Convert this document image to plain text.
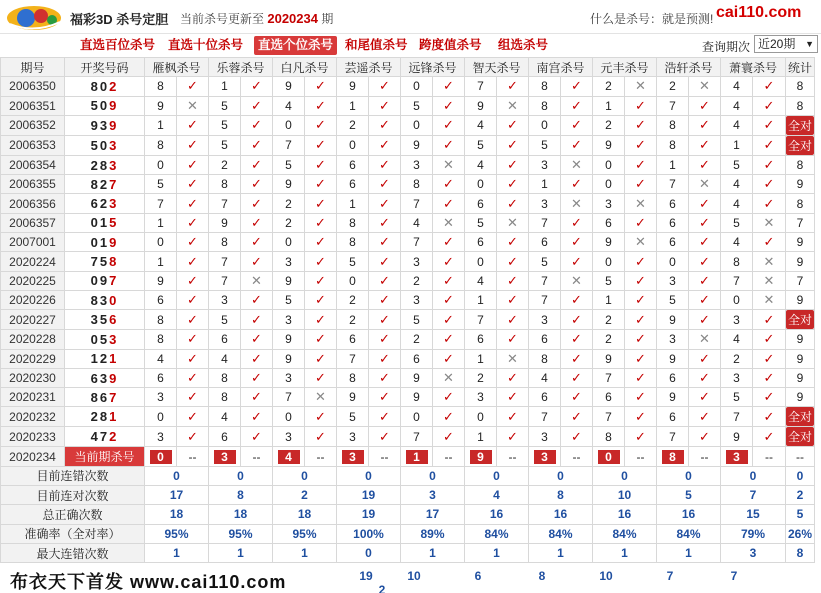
福彩3D 杀号定胆 当前杀号更新至 2020234 期	什么是杀号：就是预测! cai110.com
直选百位杀号	直选十位杀号	直选个位杀号 和尾值杀号 跨度值杀号	组选杀号	查询期次 近20期 ▼
期号	开奖号码	雁枫杀号		乐蓉杀号		白凡杀号		芸遥杀号		远锋杀号		智天杀号		南宫杀号		元丰杀号		浩轩杀号		萧寰杀号		统计
2006350	802	8	✓	1	✓	9	✓	9	✓	0	✓	7	✓	8	✓	2	✕	2	✕	4	✓	8
2006351	509	9	✕	5	✓	4	✓	1	✓	5	✓	9	✕	8	✓	1	✓	7	✓	4	✓	8
2006352	939	1	✓	5	✓	0	✓	2	✓	0	✓	4	✓	0	✓	2	✓	8	✓	4	✓	全对
2006353	503	8	✓	5	✓	7	✓	0	✓	9	✓	5	✓	5	✓	9	✓	8	✓	1	✓	全对
2006354	283	0	✓	2	✓	5	✓	6	✓	3	✕	4	✓	3	✕	0	✓	1	✓	5	✓	8
2006355	827	5	✓	8	✓	9	✓	6	✓	8	✓	0	✓	1	✓	0	✓	7	✕	4	✓	9
2006356	623	7	✓	7	✓	2	✓	1	✓	7	✓	6	✓	3	✕	3	✕	6	✓	4	✓	8
2006357	015	1	✓	9	✓	2	✓	8	✓	4	✕	5	✕	7	✓	6	✓	6	✓	5	✕	7
2007001	019	0	✓	8	✓	0	✓	8	✓	7	✓	6	✓	6	✓	9	✕	6	✓	4	✓	9
2020224	758	1	✓	7	✓	3	✓	5	✓	3	✓	0	✓	5	✓	0	✓	0	✓	8	✕	9
2020225	097	9	✓	7	✕	9	✓	0	✓	2	✓	4	✓	7	✕	5	✓	3	✓	7	✕	7
2020226	830	6	✓	3	✓	5	✓	2	✓	3	✓	1	✓	7	✓	1	✓	5	✓	0	✕	9
2020227	356	8	✓	5	✓	3	✓	2	✓	5	✓	7	✓	3	✓	2	✓	9	✓	3	✓	全对
2020228	053	8	✓	6	✓	9	✓	6	✓	2	✓	6	✓	6	✓	2	✓	3	✕	4	✓	9
2020229	121	4	✓	4	✓	9	✓	7	✓	6	✓	1	✕	8	✓	9	✓	9	✓	2	✓	9
2020230	639	6	✓	8	✓	3	✓	8	✓	9	✕	2	✓	4	✓	7	✓	6	✓	3	✓	9
2020231	867	3	✓	8	✓	7	✕	9	✓	9	✓	3	✓	6	✓	6	✓	9	✓	5	✓	9
2020232	281	0	✓	4	✓	0	✓	5	✓	0	✓	0	✓	7	✓	7	✓	6	✓	7	✓	全对
2020233	472	3	✓	6	✓	3	✓	3	✓	7	✓	1	✓	3	✓	8	✓	7	✓	9	✓	全对
2020234	当前期杀号	0	--	3	--	4	--	3	--	1	--	9	--	3	--	0	--	8	--	3	--	--
目前连错次数		0		0		0		0		0		0		0		0		0		0		0
目前连对次数		17		8		2		19		3		4		8		10		5		7		2
总正确次数		18		18		18		19		17		16		16		16		16		15		5
准确率（全对率）		95%		95%		95%		100%		89%		84%		84%		84%		84%		79%		26%
最大连错次数		1		1		1		0		1		1		1		1		1		3		8
布衣天下首发 www.cai110.com	19	10	6	8	10	7	72
